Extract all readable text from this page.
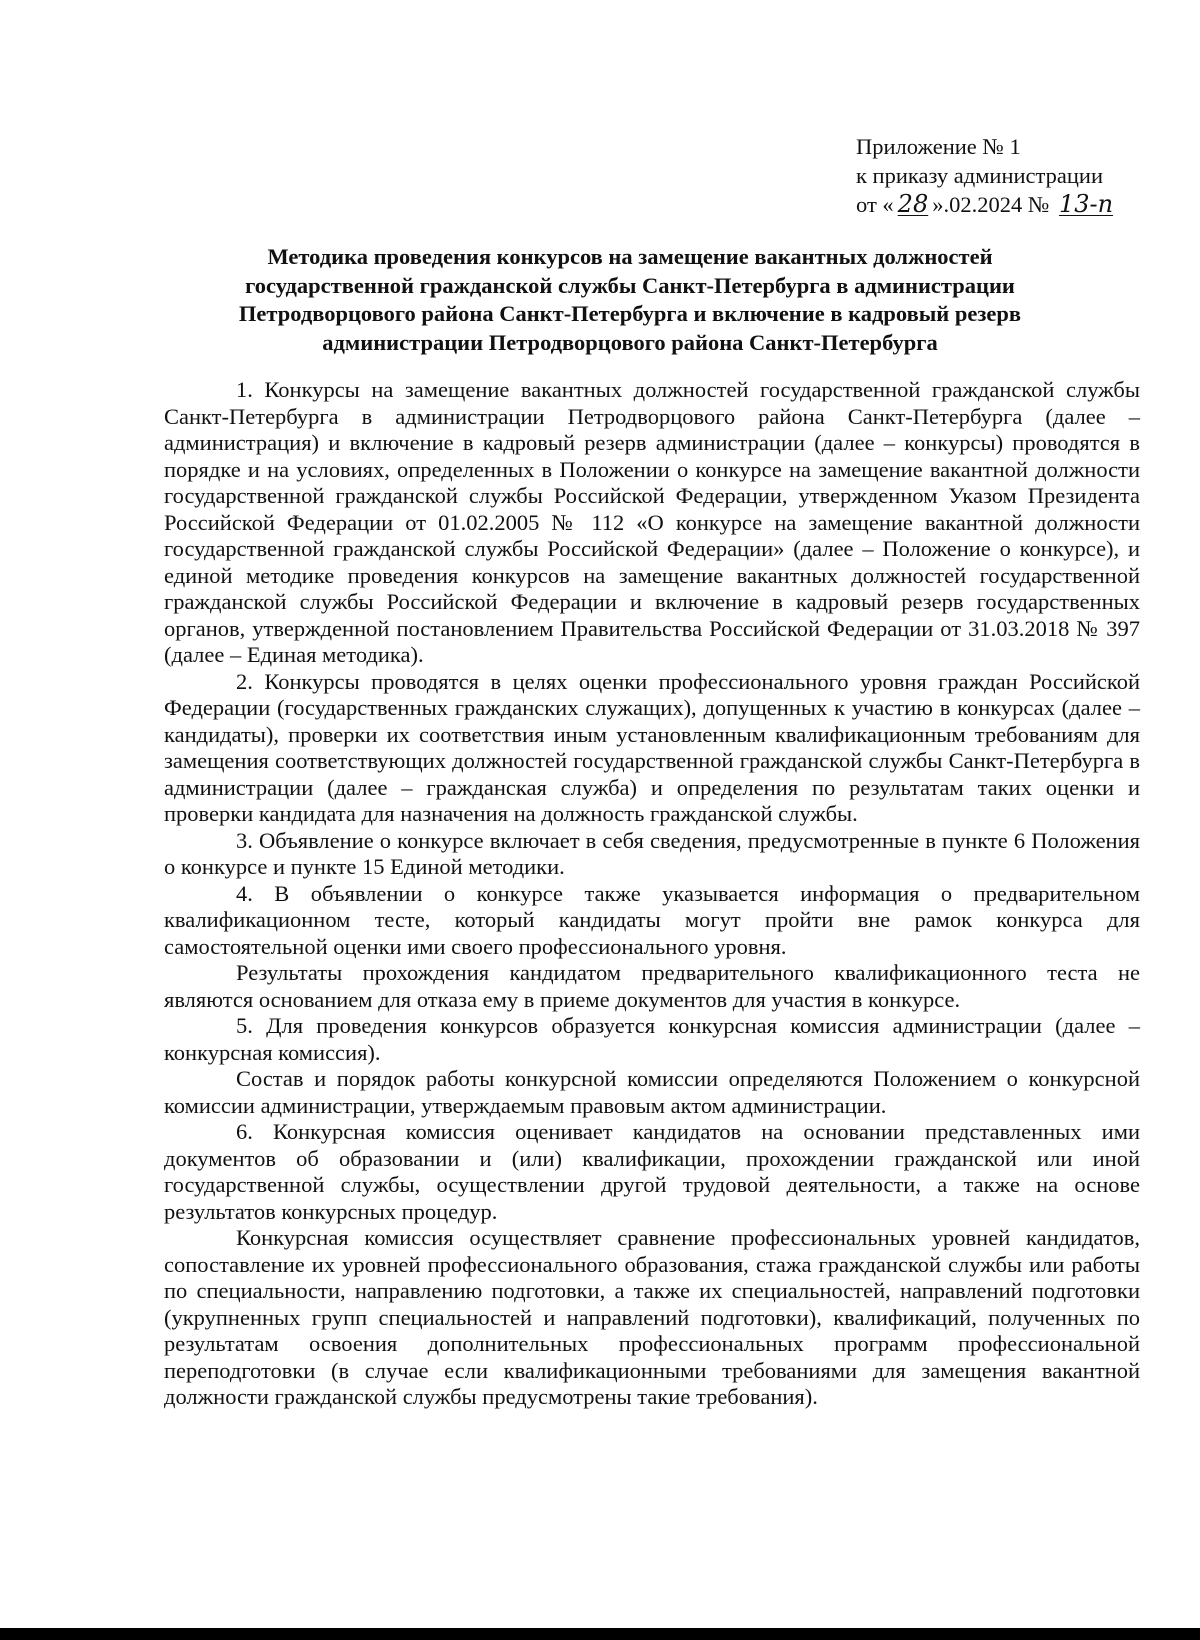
Приложение № 1
к приказу администрации
от « 28 ».02.2024 № 13-п
Методика проведения конкурсов на замещение вакантных должностей
государственной гражданской службы Санкт-Петербурга в администрации
Петродворцового района Санкт-Петербурга и включение в кадровый резерв
администрации Петродворцового района Санкт-Петербурга

1. Конкурсы на замещение вакантных должностей государственной гражданской службы Санкт-Петербурга в администрации Петродворцового района Санкт-Петербурга (далее – администрация) и включение в кадровый резерв администрации (далее – конкурсы) проводятся в порядке и на условиях, определенных в Положении о конкурсе на замещение вакантной должности государственной гражданской службы Российской Федерации, утвержденном Указом Президента Российской Федерации от 01.02.2005 № 112 «О конкурсе на замещение вакантной должности государственной гражданской службы Российской Федерации» (далее – Положение о конкурсе), и единой методике проведения конкурсов на замещение вакантных должностей государственной гражданской службы Российской Федерации и включение в кадровый резерв государственных органов, утвержденной постановлением Правительства Российской Федерации от 31.03.2018 № 397 (далее – Единая методика).

2. Конкурсы проводятся в целях оценки профессионального уровня граждан Российской Федерации (государственных гражданских служащих), допущенных к участию в конкурсах (далее – кандидаты), проверки их соответствия иным установленным квалификационным требованиям для замещения соответствующих должностей государственной гражданской службы Санкт-Петербурга в администрации (далее – гражданская служба) и определения по результатам таких оценки и проверки кандидата для назначения на должность гражданской службы.

3. Объявление о конкурсе включает в себя сведения, предусмотренные в пункте 6 Положения о конкурсе и пункте 15 Единой методики.

4. В объявлении о конкурсе также указывается информация о предварительном квалификационном тесте, который кандидаты могут пройти вне рамок конкурса для самостоятельной оценки ими своего профессионального уровня.

Результаты прохождения кандидатом предварительного квалификационного теста не являются основанием для отказа ему в приеме документов для участия в конкурсе.

5. Для проведения конкурсов образуется конкурсная комиссия администрации (далее – конкурсная комиссия).

Состав и порядок работы конкурсной комиссии определяются Положением о конкурсной комиссии администрации, утверждаемым правовым актом администрации.

6. Конкурсная комиссия оценивает кандидатов на основании представленных ими документов об образовании и (или) квалификации, прохождении гражданской или иной государственной службы, осуществлении другой трудовой деятельности, а также на основе результатов конкурсных процедур.

Конкурсная комиссия осуществляет сравнение профессиональных уровней кандидатов, сопоставление их уровней профессионального образования, стажа гражданской службы или работы по специальности, направлению подготовки, а также их специальностей, направлений подготовки (укрупненных групп специальностей и направлений подготовки), квалификаций, полученных по результатам освоения дополнительных профессиональных программ профессиональной переподготовки (в случае если квалификационными требованиями для замещения вакантной должности гражданской службы предусмотрены такие требования).
